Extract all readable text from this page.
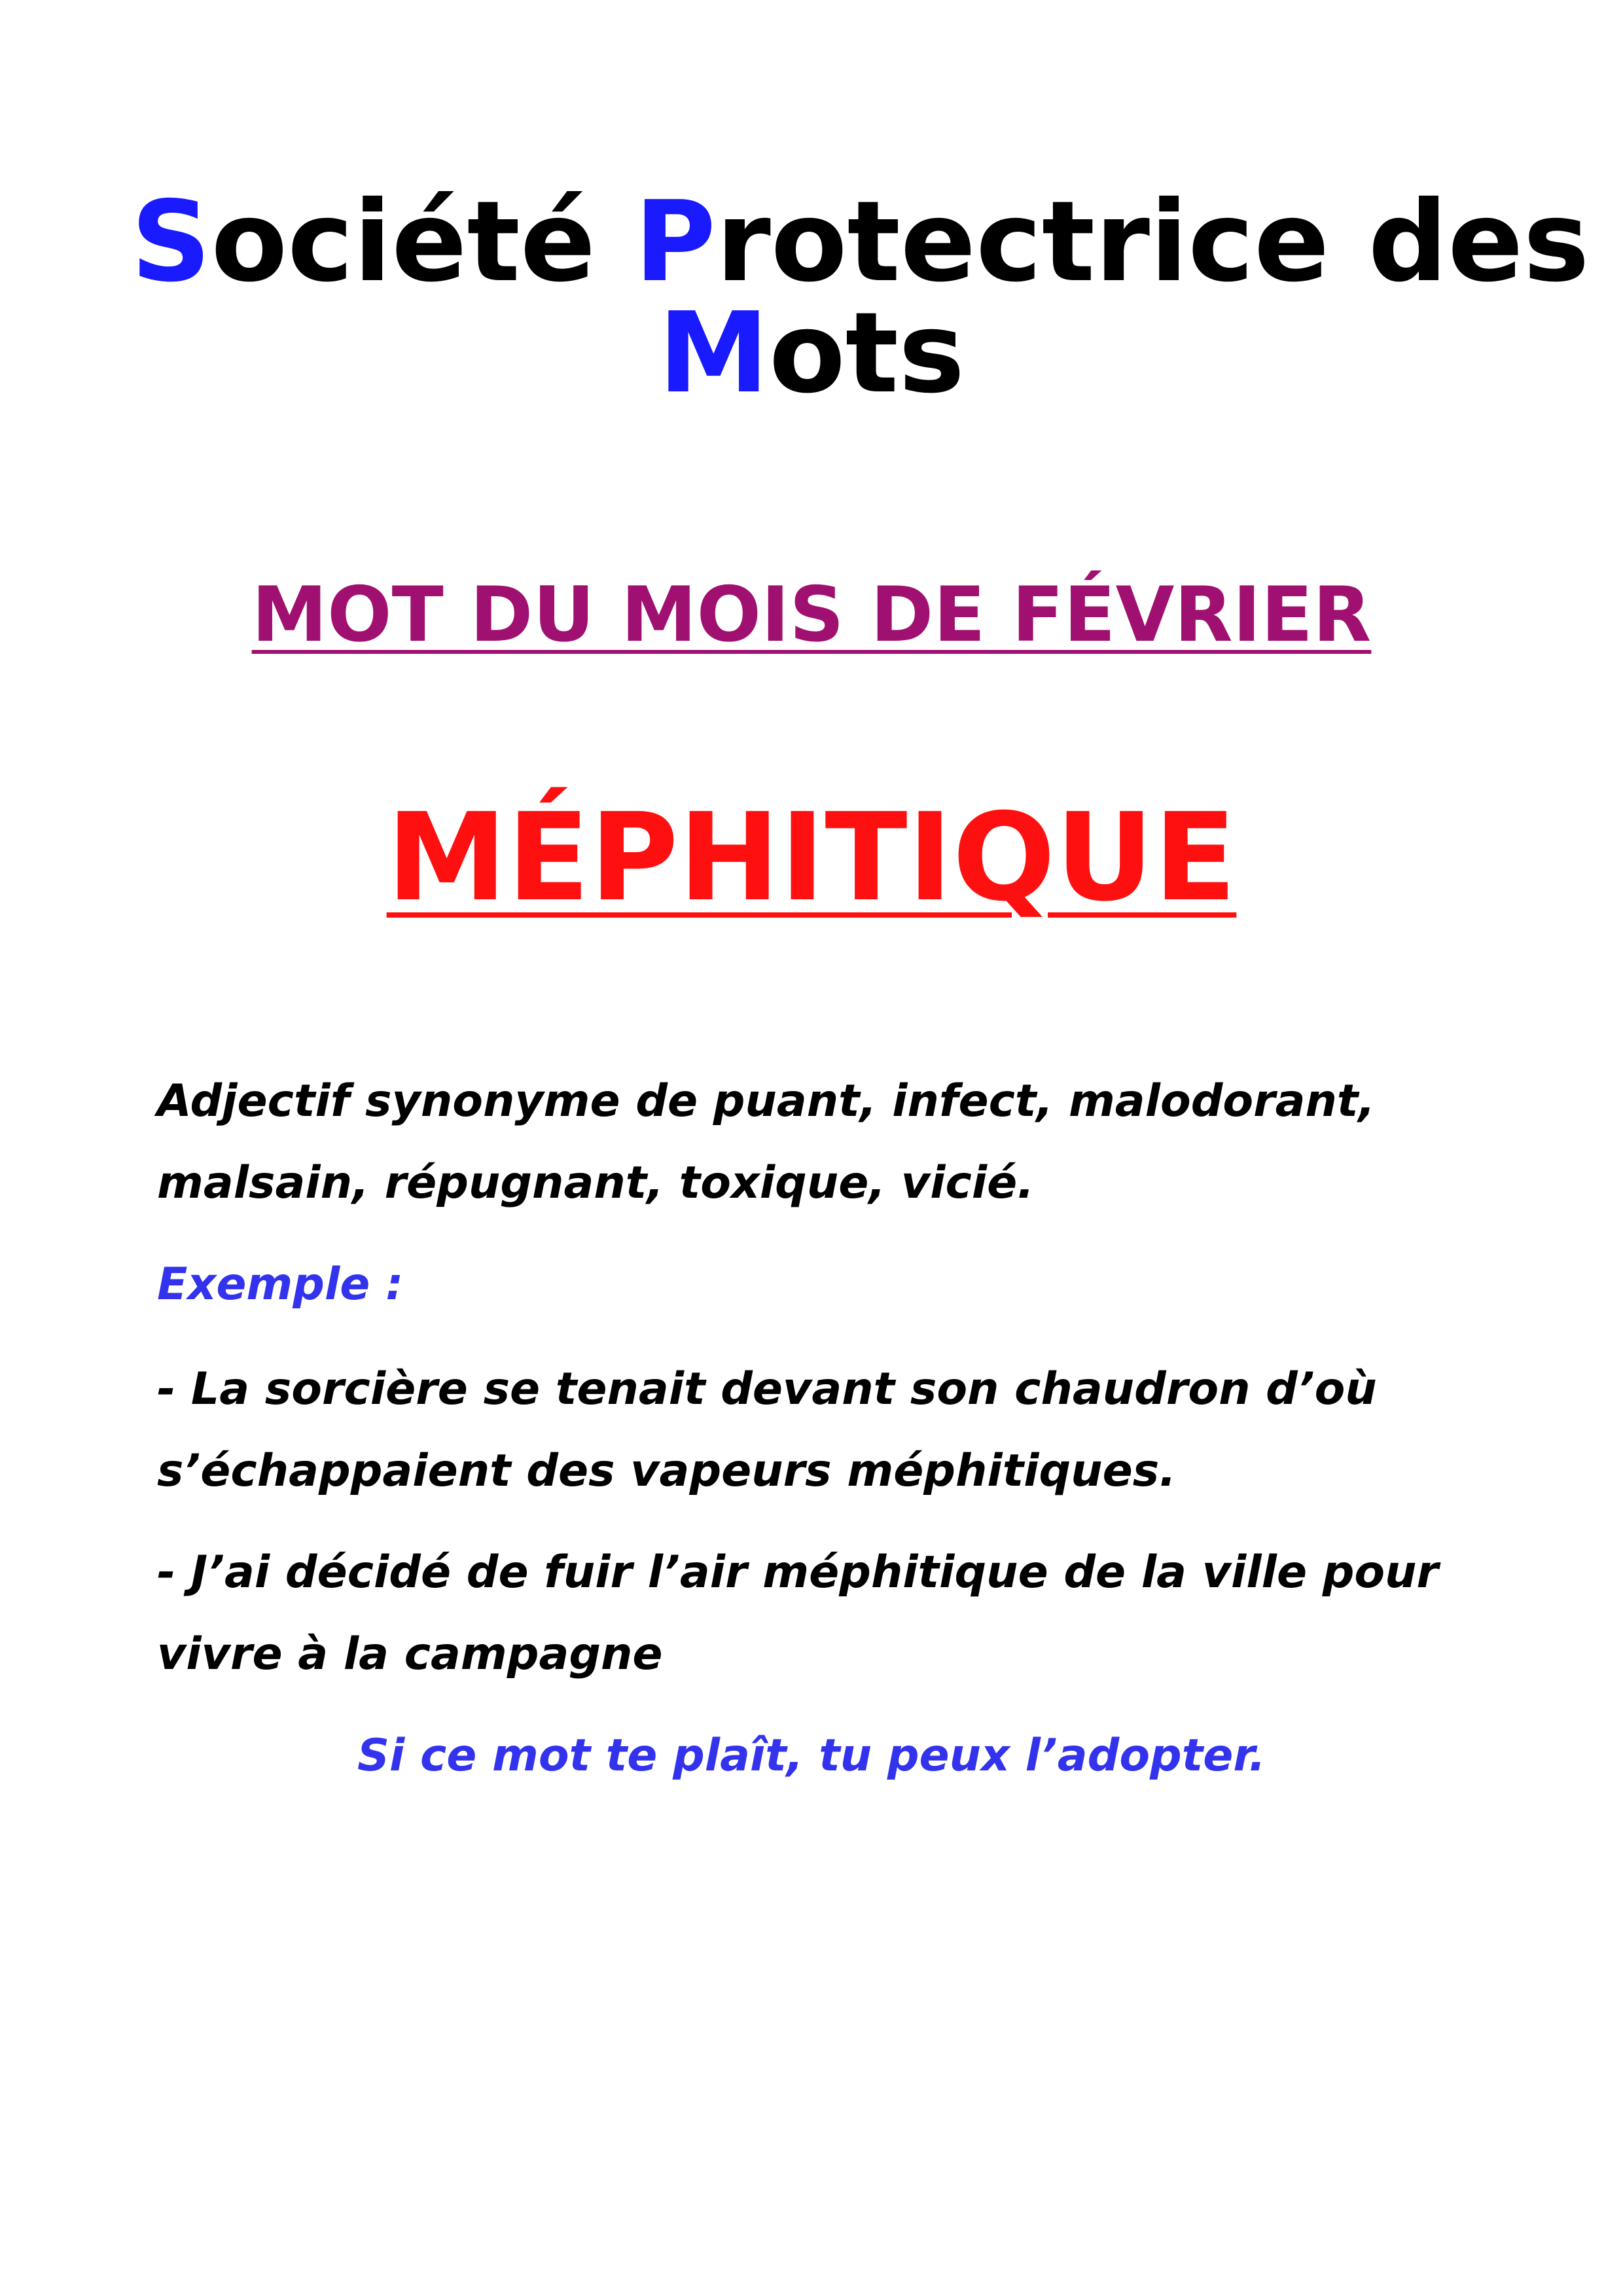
Société Protectrice des
Mots
MOT DU MOIS DE FÉVRIER
MÉPHITIQUE

Adjectif synonyme de puant, infect, malodorant,
malsain, répugnant, toxique, vicié.

Exemple :

- La sorcière se tenait devant son chaudron d’où
s’échappaient des vapeurs méphitiques.

- J’ai décidé de fuir l’air méphitique de la ville pour
vivre à la campagne

Si ce mot te plaît, tu peux l’adopter.
